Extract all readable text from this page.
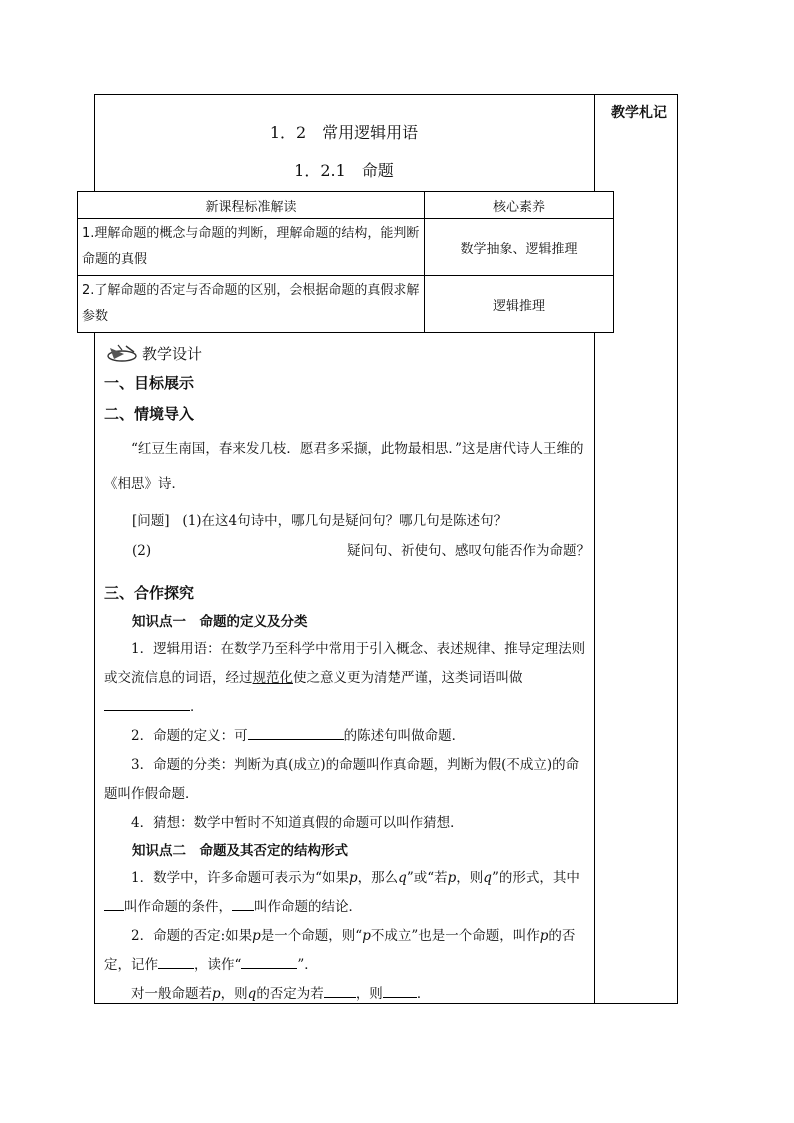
教学札记
1．2　常用逻辑用语
1．2.1　命题
新课程标准解读	核心素养
1.理解命题的概念与命题的判断，理解命题的结构，能判断命题的真假	数学抽象、逻辑推理
2.了解命题的否定与否命题的区别，会根据命题的真假求解参数	逻辑推理
教学设计
一、目标展示
二、情境导入
“红豆生南国，春来发几枝．愿君多采撷，此物最相思．”这是唐代诗人王维的《相思》诗．
[问题] (1)在这4句诗中，哪几句是疑问句？哪几句是陈述句？
(2)	疑问句、祈使句、感叹句能否作为命题？
三、合作探究
知识点一　命题的定义及分类
1．逻辑用语：在数学乃至科学中常用于引入概念、表述规律、推导定理法则或交流信息的词语，经过规范化使之意义更为清楚严谨，这类词语叫做．
2．命题的定义：可	的陈述句叫做命题．
3．命题的分类：判断为真(成立)的命题叫作真命题，判断为假(不成立)的命题叫作假命题．
4．猜想：数学中暂时不知道真假的命题可以叫作猜想．
知识点二　命题及其否定的结构形式
1．数学中，许多命题可表示为“如果p，那么q”或“若p，则q”的形式，其中叫作命题的条件， 叫作命题的结论．
2．命题的否定:如果p是一个命题，则“p不成立”也是一个命题，叫作p的否定，记作	，读作“	”．
对一般命题若p，则q的否定为若 ，则	．
